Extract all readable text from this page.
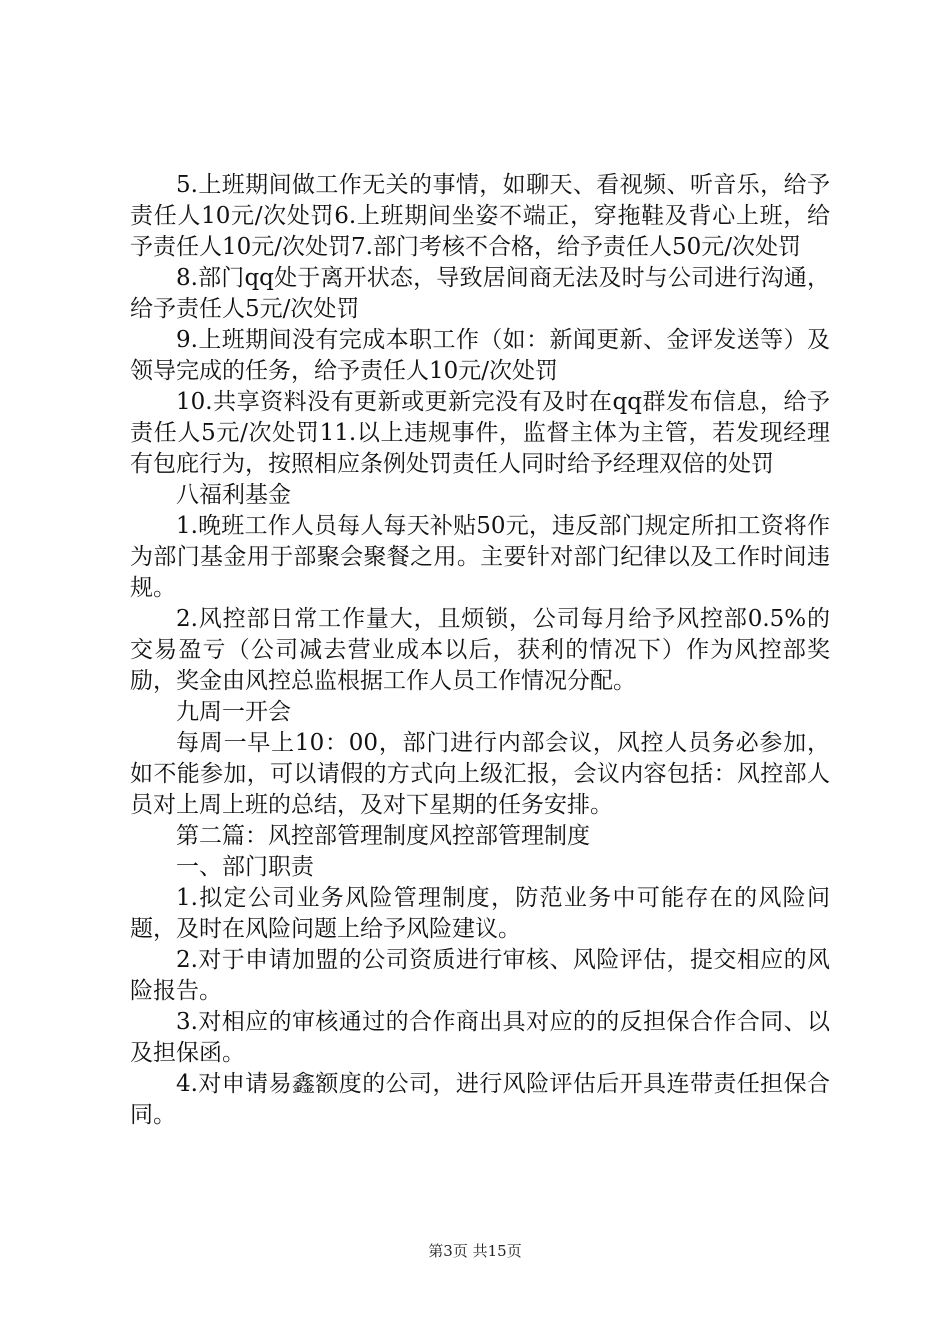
5.上班期间做工作无关的事情，如聊天、看视频、听音乐，给予责任人10元/次处罚6.上班期间坐姿不端正，穿拖鞋及背心上班，给予责任人10元/次处罚7.部门考核不合格，给予责任人50元/次处罚

8.部门qq处于离开状态，导致居间商无法及时与公司进行沟通，给予责任人5元/次处罚

9.上班期间没有完成本职工作（如：新闻更新、金评发送等）及领导完成的任务，给予责任人10元/次处罚

10.共享资料没有更新或更新完没有及时在qq群发布信息，给予责任人5元/次处罚11.以上违规事件，监督主体为主管，若发现经理有包庇行为，按照相应条例处罚责任人同时给予经理双倍的处罚

八福利基金

1.晚班工作人员每人每天补贴50元，违反部门规定所扣工资将作为部门基金用于部聚会聚餐之用。主要针对部门纪律以及工作时间违规。

2.风控部日常工作量大，且烦锁，公司每月给予风控部0.5%的交易盈亏（公司减去营业成本以后，获利的情况下）作为风控部奖励，奖金由风控总监根据工作人员工作情况分配。

九周一开会

每周一早上10：00，部门进行内部会议，风控人员务必参加，如不能参加，可以请假的方式向上级汇报，会议内容包括：风控部人员对上周上班的总结，及对下星期的任务安排。

第二篇：风控部管理制度风控部管理制度

一、部门职责

1.拟定公司业务风险管理制度，防范业务中可能存在的风险问题，及时在风险问题上给予风险建议。

2.对于申请加盟的公司资质进行审核、风险评估，提交相应的风险报告。

3.对相应的审核通过的合作商出具对应的的反担保合作合同、以及担保函。

4.对申请易鑫额度的公司，进行风险评估后开具连带责任担保合同。

第3页 共15页
